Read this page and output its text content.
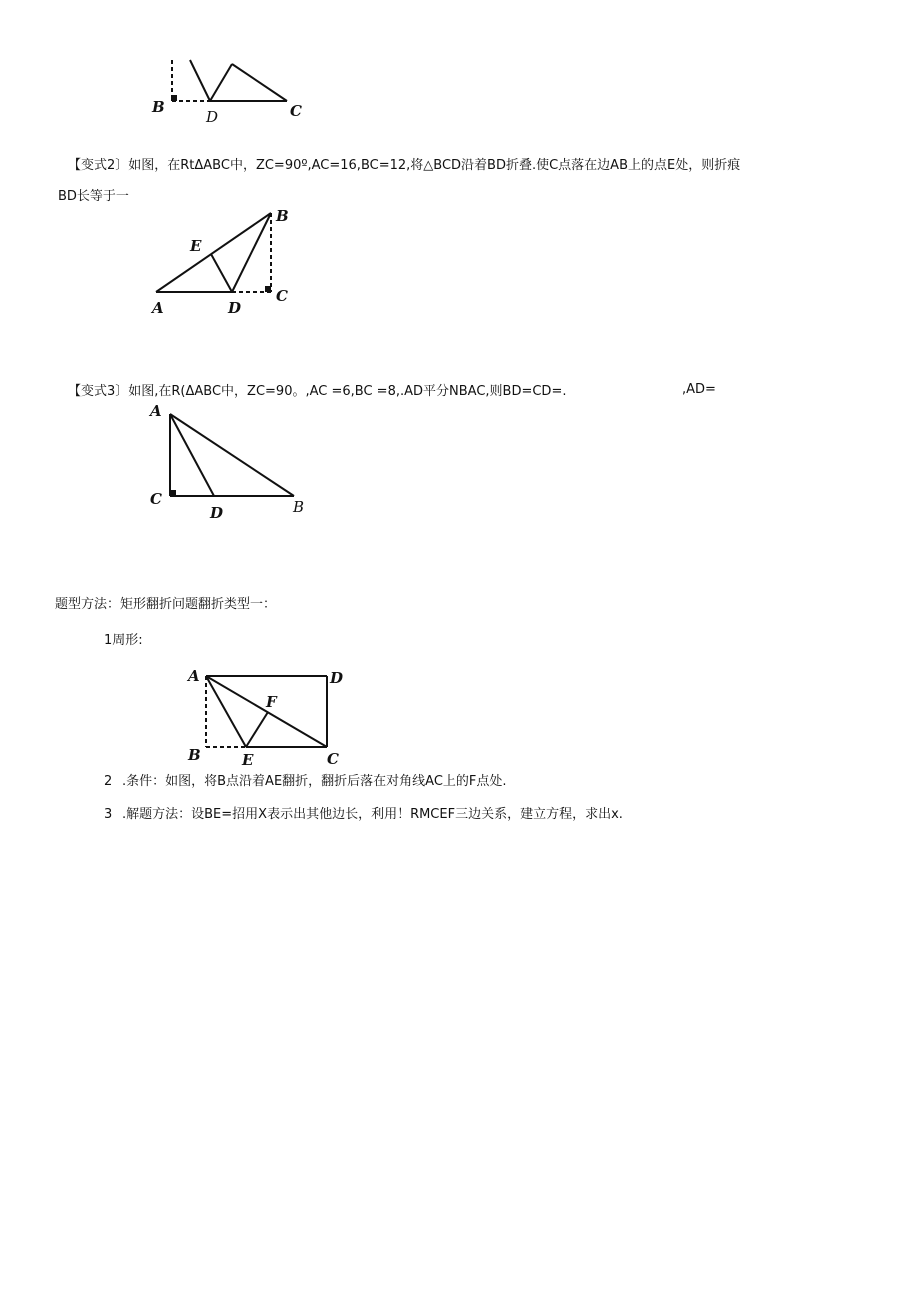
B
D	C
【变式2〕如图，在RtΔABC中，ZC=90º,AC=16,BC=12,将△BCD沿着BD折叠.使C点落在边AB上的点E处，则折痕
BD长等于一
E
B
A	D
C
【变式3〕如图,在R(ΔABC中，ZC=90。,AC =6,BC =8,.AD平分NBAC,则BD=CD=.	,AD=
A
C
D	B
题型方法：矩形翻折问题翻折类型一：
1周形:
A	D
F
B	E	C
2 .条件：如图，将B点沿着AE翻折，翻折后落在对角线AC上的F点处.
3 .解题方法：设BE=招用X表示出其他边长，利用！RMCEF三边关系，建立方程，求出x.
